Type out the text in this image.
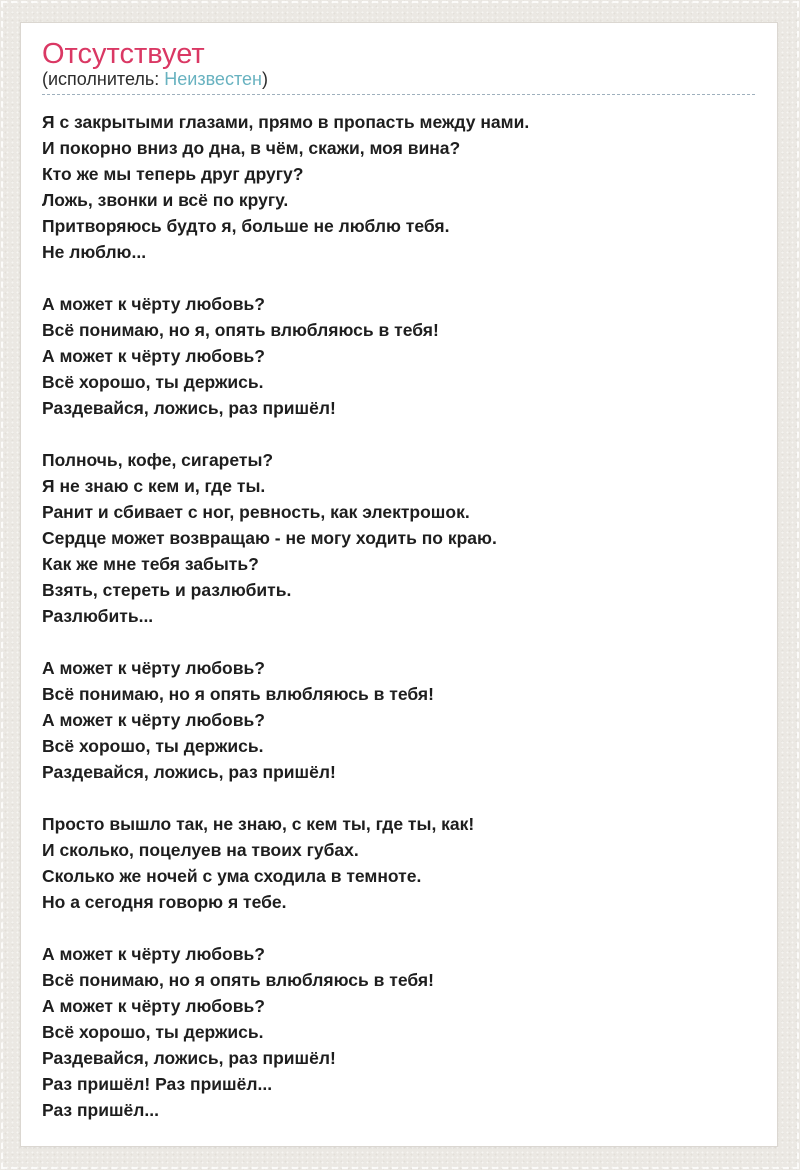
Отсутствует
(исполнитель: Неизвестен)

Я с закрытыми глазами, прямо в пропасть между нами.
И покорно вниз до дна, в чём, скажи, моя вина?
Кто же мы теперь друг другу?
Ложь, звонки и всё по кругу.
Притворяюсь будто я, больше не люблю тебя.
Не люблю...

А может к чёрту любовь?
Всё понимаю, но я, опять влюбляюсь в тебя!
А может к чёрту любовь?
Всё хорошо, ты держись.
Раздевайся, ложись, раз пришёл!

Полночь, кофе, сигареты?
Я не знаю с кем и, где ты.
Ранит и сбивает с ног, ревность, как электрошок.
Сердце может возвращаю - не могу ходить по краю.
Как же мне тебя забыть?
Взять, стереть и разлюбить.
Разлюбить...

А может к чёрту любовь?
Всё понимаю, но я опять влюбляюсь в тебя!
А может к чёрту любовь?
Всё хорошо, ты держись.
Раздевайся, ложись, раз пришёл!

Просто вышло так, не знаю, с кем ты, где ты, как!
И сколько, поцелуев на твоих губах.
Сколько же ночей с ума сходила в темноте.
Но а сегодня говорю я тебе.

А может к чёрту любовь?
Всё понимаю, но я опять влюбляюсь в тебя!
А может к чёрту любовь?
Всё хорошо, ты держись.
Раздевайся, ложись, раз пришёл!
Раз пришёл! Раз пришёл...
Раз пришёл...
